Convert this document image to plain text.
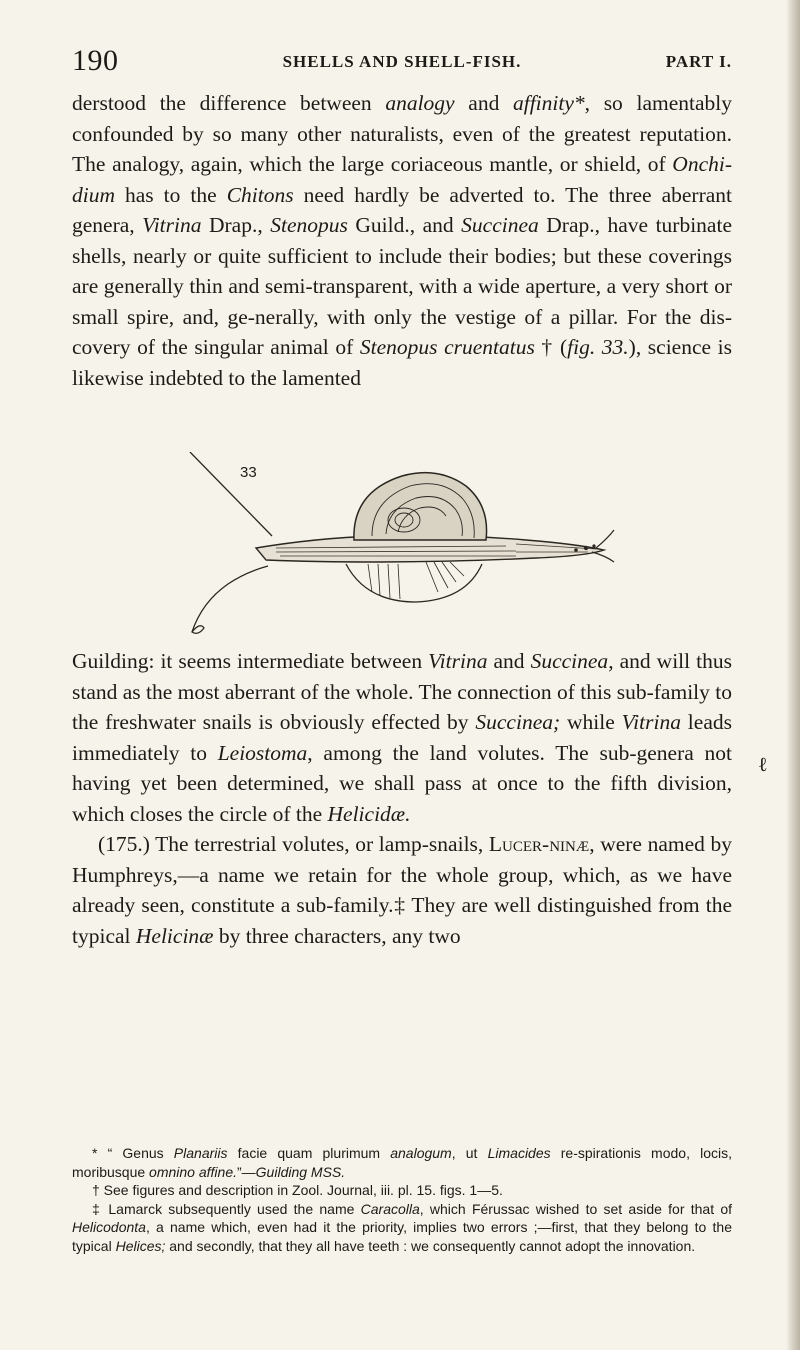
190	SHELLS AND SHELL-FISH.	PART I.

derstood the difference between analogy and affinity*, so lamentably confounded by so many other naturalists, even of the greatest reputation. The analogy, again, which the large coriaceous mantle, or shield, of Onchi-dium has to the Chitons need hardly be adverted to. The three aberrant genera, Vitrina Drap., Stenopus Guild., and Succinea Drap., have turbinate shells, nearly or quite sufficient to include their bodies; but these coverings are generally thin and semi-transparent, with a wide aperture, a very short or small spire, and, ge-nerally, with only the vestige of a pillar. For the dis-covery of the singular animal of Stenopus cruentatus † (fig. 33.), science is likewise indebted to the lamented

33

Guilding: it seems intermediate between Vitrina and Succinea, and will thus stand as the most aberrant of the whole. The connection of this sub-family to the freshwater snails is obviously effected by Succinea; while Vitrina leads immediately to Leiostoma, among the land volutes. The sub-genera not having yet been determined, we shall pass at once to the fifth division, which closes the circle of the Helicidæ.

(175.) The terrestrial volutes, or lamp-snails, Lucer-ninæ, were named by Humphreys,—a name we retain for the whole group, which, as we have already seen, constitute a sub-family.‡ They are well distinguished from the typical Helicinæ by three characters, any two

ℓ

* “ Genus Planariis facie quam plurimum analogum, ut Limacides re-spirationis modo, locis, moribusque omnino affine.”—Guilding MSS.

† See figures and description in Zool. Journal, iii. pl. 15. figs. 1—5.

‡ Lamarck subsequently used the name Caracolla, which Férussac wished to set aside for that of Helicodonta, a name which, even had it the priority, implies two errors ;—first, that they belong to the typical Helices; and secondly, that they all have teeth : we consequently cannot adopt the innovation.
